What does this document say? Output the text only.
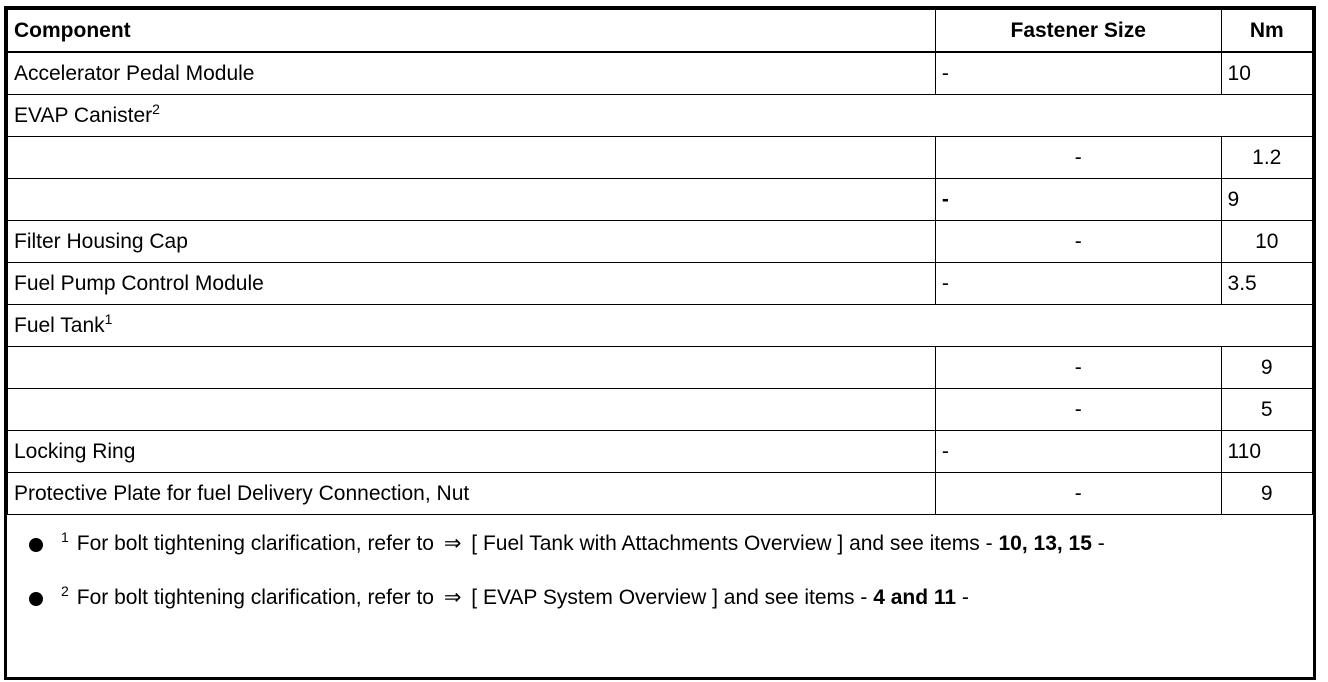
Component	Fastener Size	Nm
Accelerator Pedal Module	-	10
EVAP Canister$^2$
	-	1.2
	-	9
Filter Housing Cap	-	10
Fuel Pump Control Module	-	3.5
Fuel Tank$^1$
	-	9
	-	5
Locking Ring	-	110
Protective Plate for fuel Delivery Connection, Nut	-	9
$^1$ For bolt tightening clarification, refer to ⇒ [ Fuel Tank with Attachments Overview ] and see items - 10, 13, 15 -
$^2$ For bolt tightening clarification, refer to ⇒ [ EVAP System Overview ] and see items - 4 and 11 -
